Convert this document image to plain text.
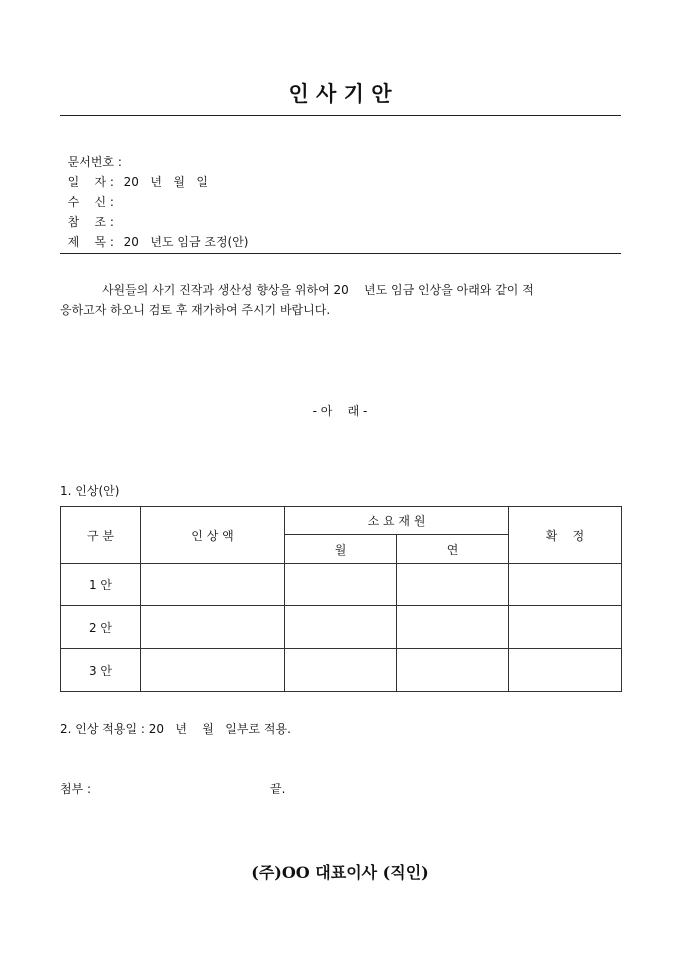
인 사 기 안

문서번호 :

일    자 : 20   년   월   일

수    신 :

참    조 :

제    목 : 20   년도 임금 조정(안)

사원들의 사기 진작과 생산성 향상을 위하여 20    년도 임금 인상을 아래와 같이 적
응하고자 하오니 검토 후 재가하여 주시기 바랍니다.
- 아    래 -
1. 인상(안)
구 분	인 상 액	소 요 재 원		확    정
		월	연	
1 안				
2 안				
3 안				
2. 인상 적용일 : 20   년    월   일부로 적용.
첨부 :	끝.
(주)OO 대표이사 (직인)
